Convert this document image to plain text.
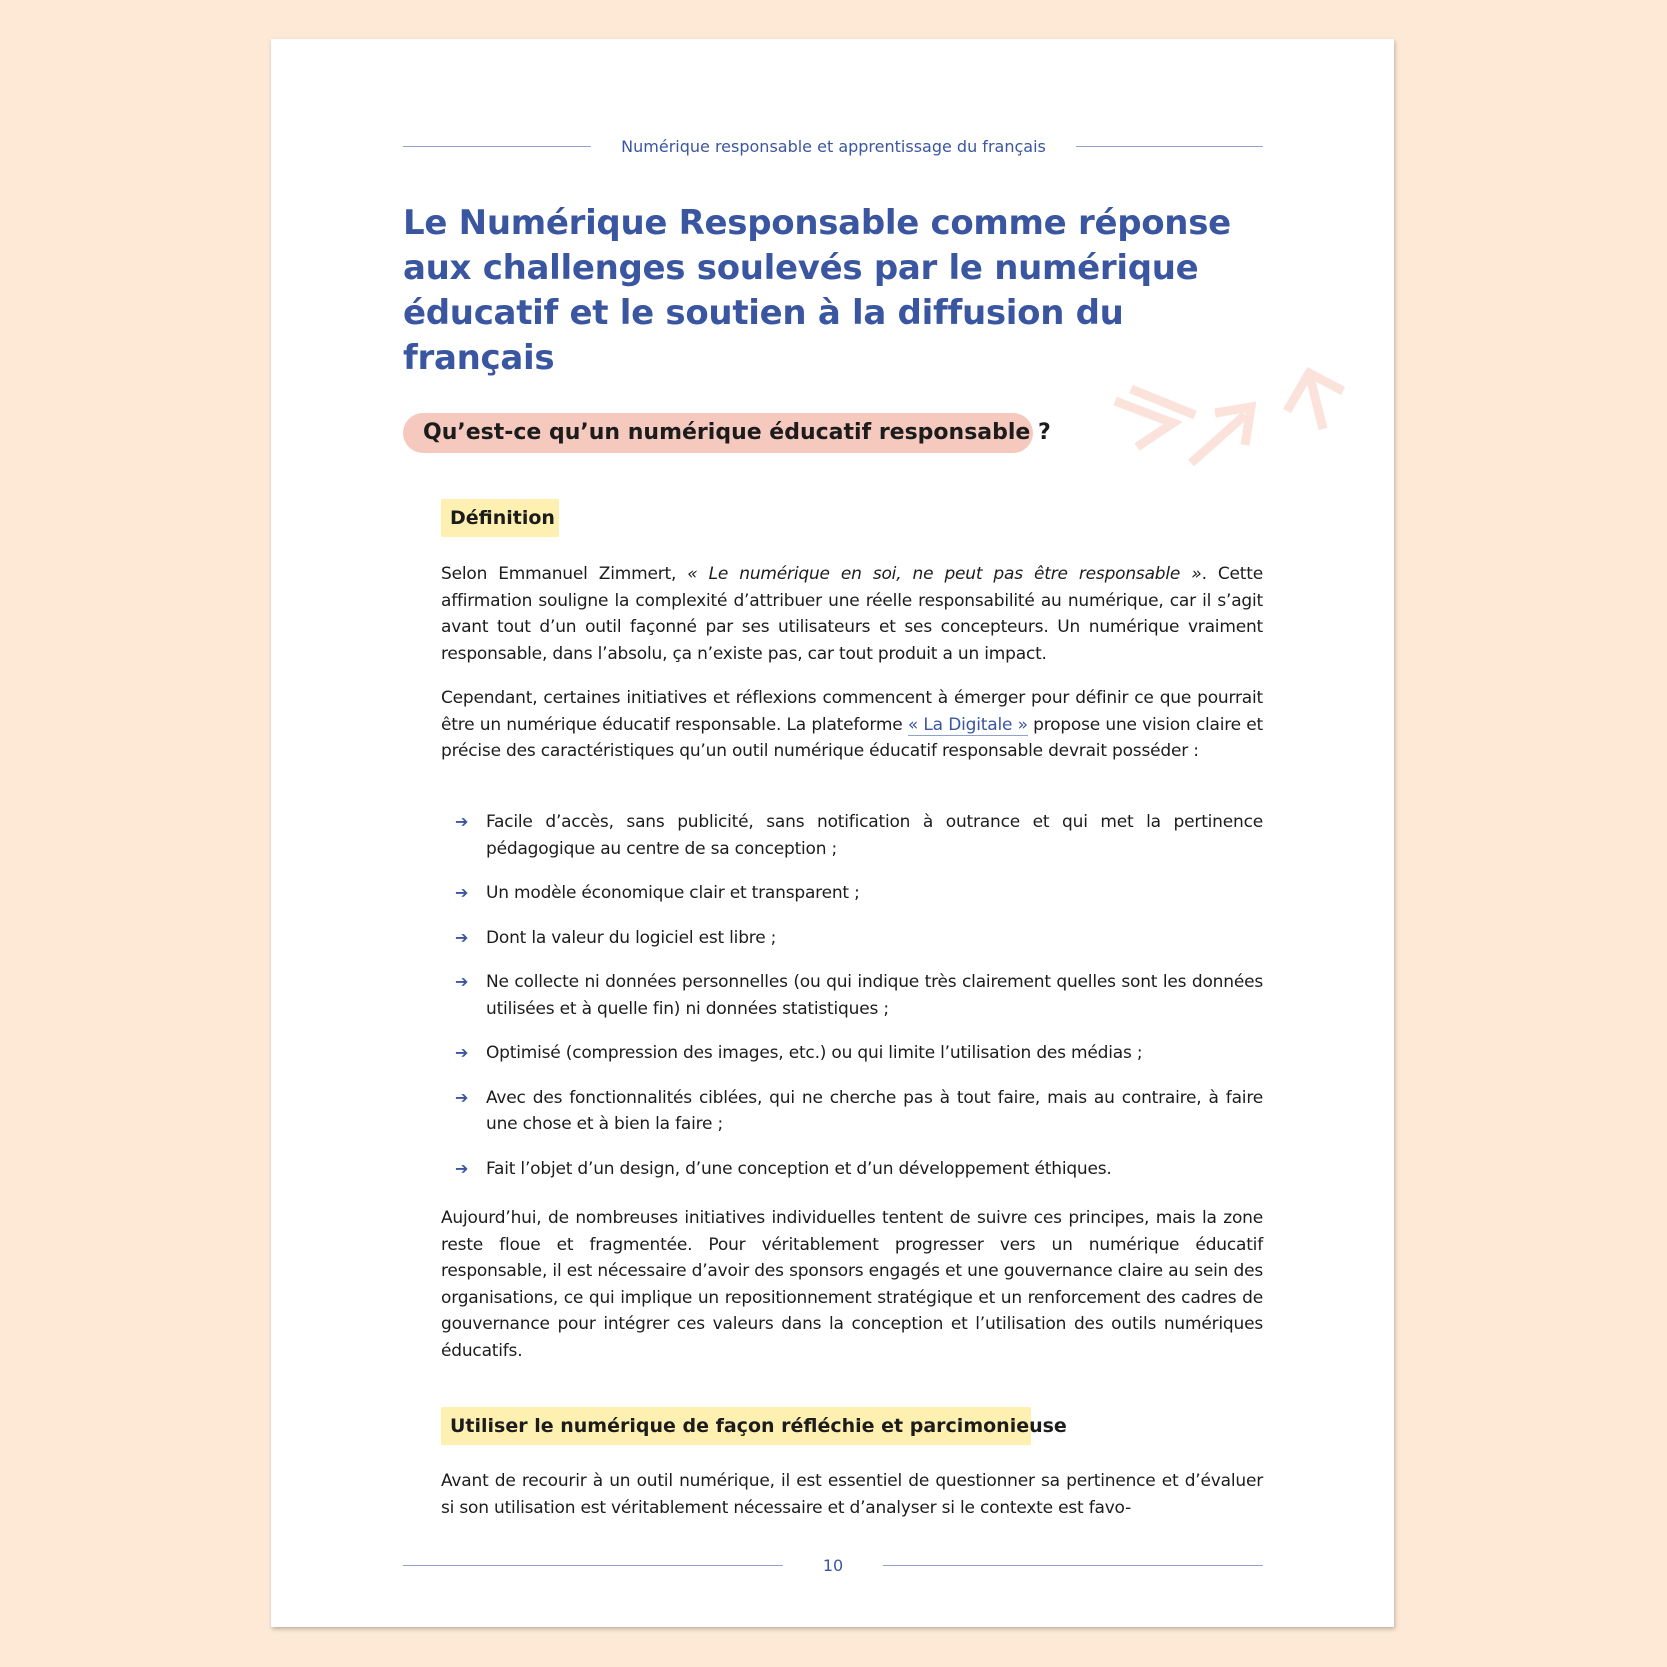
Numérique responsable et apprentissage du français
Le Numérique Responsable comme réponse aux challenges soulevés par le numérique éducatif et le soutien à la diffusion du français
Qu’est-ce qu’un numérique éducatif responsable ?
Définition

Selon Emmanuel Zimmert, « Le numérique en soi, ne peut pas être responsable ». Cette affirmation souligne la complexité d’attribuer une réelle responsabilité au numérique, car il s’agit avant tout d’un outil façonné par ses utilisateurs et ses concepteurs. Un numérique vraiment responsable, dans l’absolu, ça n’existe pas, car tout produit a un impact.

Cependant, certaines initiatives et réflexions commencent à émerger pour définir ce que pourrait être un numérique éducatif responsable. La plateforme « La Digitale » propose une vision claire et précise des caractéristiques qu’un outil numérique éducatif responsable devrait posséder :

➔ Facile d’accès, sans publicité, sans notification à outrance et qui met la pertinence pédagogique au centre de sa conception ;
➔ Un modèle économique clair et transparent ;
➔ Dont la valeur du logiciel est libre ;
➔ Ne collecte ni données personnelles (ou qui indique très clairement quelles sont les données utilisées et à quelle fin) ni données statistiques ;
➔ Optimisé (compression des images, etc.) ou qui limite l’utilisation des médias ;
➔ Avec des fonctionnalités ciblées, qui ne cherche pas à tout faire, mais au contraire, à faire une chose et à bien la faire ;
➔ Fait l’objet d’un design, d’une conception et d’un développement éthiques.

Aujourd’hui, de nombreuses initiatives individuelles tentent de suivre ces principes, mais la zone reste floue et fragmentée. Pour véritablement progresser vers un numérique éducatif responsable, il est nécessaire d’avoir des sponsors engagés et une gouvernance claire au sein des organisations, ce qui implique un repositionnement stratégique et un renforcement des cadres de gouvernance pour intégrer ces valeurs dans la conception et l’utilisation des outils numériques éducatifs.

Utiliser le numérique de façon réfléchie et parcimonieuse

Avant de recourir à un outil numérique, il est essentiel de questionner sa pertinence et d’évaluer si son utilisation est véritablement nécessaire et d’analyser si le contexte est favo-

10
